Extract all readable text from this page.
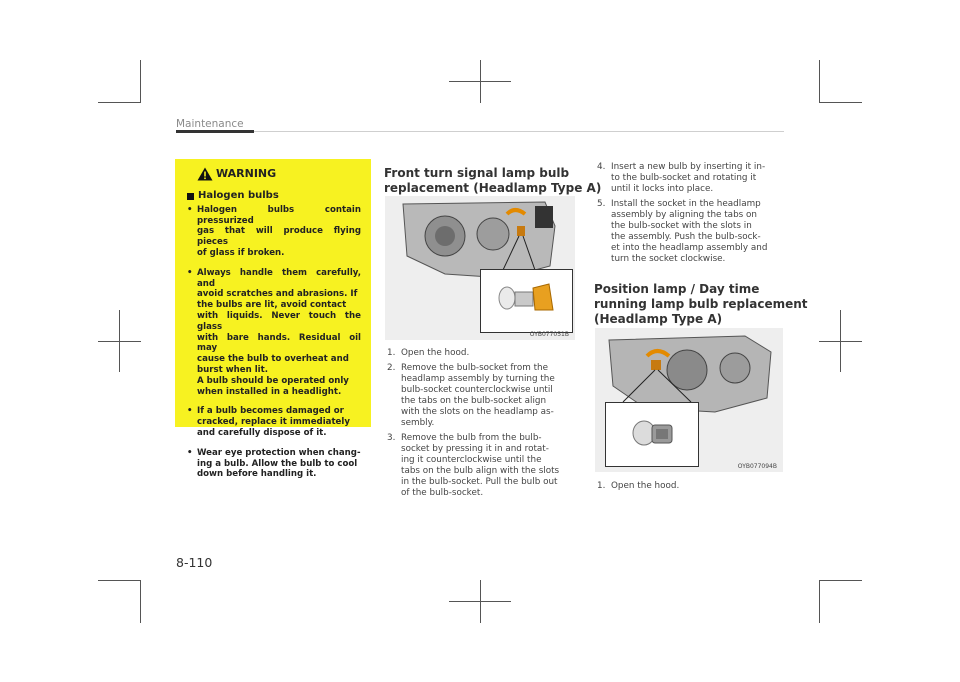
Maintenance
WARNING
Halogen bulbs
• Halogen bulbs contain pressurized
gas that will produce flying pieces
of glass if broken.
• Always handle them carefully, and
avoid scratches and abrasions. If
the bulbs are lit, avoid contact
with liquids. Never touch the glass
with bare hands. Residual oil may
cause the bulb to overheat and
burst when lit.
A bulb should be operated only
when installed in a headlight.
• If a bulb becomes damaged or
cracked, replace it immediately
and carefully dispose of it.
• Wear eye protection when chang-
ing a bulb. Allow the bulb to cool
down before handling it.
Front turn signal lamp bulb
replacement (Headlamp Type A)
OYB077051B
1. Open the hood.
2. Remove the bulb-socket from the
headlamp assembly by turning the
bulb-socket counterclockwise until
the tabs on the bulb-socket align
with the slots on the headlamp as-
sembly.
3. Remove the bulb from the bulb-
socket by pressing it in and rotat-
ing it counterclockwise until the
tabs on the bulb align with the slots
in the bulb-socket. Pull the bulb out
of the bulb-socket.
4. Insert a new bulb by inserting it in-
to the bulb-socket and rotating it
until it locks into place.
5. Install the socket in the headlamp
assembly by aligning the tabs on
the bulb-socket with the slots in
the assembly. Push the bulb-sock-
et into the headlamp assembly and
turn the socket clockwise.
Position lamp / Day time
running lamp bulb replacement
(Headlamp Type A)
OYB077094B
1. Open the hood.
8-110
